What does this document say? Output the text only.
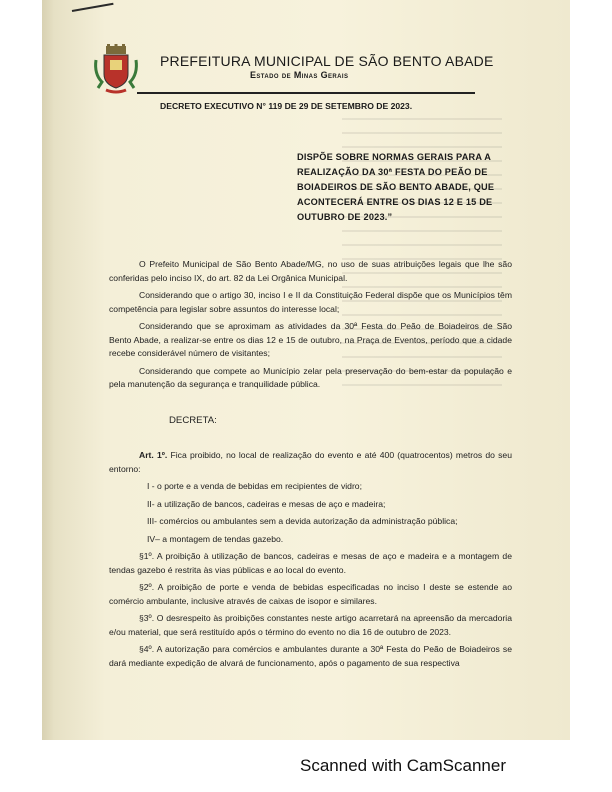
PREFEITURA MUNICIPAL DE SÃO BENTO ABADE
Estado de Minas Gerais
DECRETO EXECUTIVO N° 119 DE 29 DE SETEMBRO DE 2023.
DISPÕE SOBRE NORMAS GERAIS PARA A REALIZAÇÃO DA 30ª FESTA DO PEÃO DE BOIADEIROS DE SÃO BENTO ABADE, QUE ACONTECERÁ ENTRE OS DIAS 12 E 15 DE OUTUBRO DE 2023.”

O Prefeito Municipal de São Bento Abade/MG, no uso de suas atribuições legais que lhe são conferidas pelo inciso IX, do art. 82 da Lei Orgânica Municipal.

Considerando que o artigo 30, inciso I e II da Constituição Federal dispõe que os Municípios têm competência para legislar sobre assuntos do interesse local;

Considerando que se aproximam as atividades da 30ª Festa do Peão de Boiadeiros de São Bento Abade, a realizar-se entre os dias 12 e 15 de outubro, na Praça de Eventos, período que a cidade recebe considerável número de visitantes;

Considerando que compete ao Município zelar pela preservação do bem-estar da população e pela manutenção da segurança e tranquilidade pública.

DECRETA:

Art. 1º. Fica proibido, no local de realização do evento e até 400 (quatrocentos) metros do seu entorno:

I - o porte e a venda de bebidas em recipientes de vidro;

II- a utilização de bancos, cadeiras e mesas de aço e madeira;

III- comércios ou ambulantes sem a devida autorização da administração pública;

IV– a montagem de tendas gazebo.

§1º. A proibição à utilização de bancos, cadeiras e mesas de aço e madeira e a montagem de tendas gazebo é restrita às vias públicas e ao local do evento.

§2º. A proibição de porte e venda de bebidas especificadas no inciso I deste se estende ao comércio ambulante, inclusive através de caixas de isopor e similares.

§3º. O desrespeito às proibições constantes neste artigo acarretará na apreensão da mercadoria e/ou material, que será restituído após o término do evento no dia 16 de outubro de 2023.

§4º. A autorização para comércios e ambulantes durante a 30ª Festa do Peão de Boiadeiros se dará mediante expedição de alvará de funcionamento, após o pagamento de sua respectiva

Scanned with CamScanner
